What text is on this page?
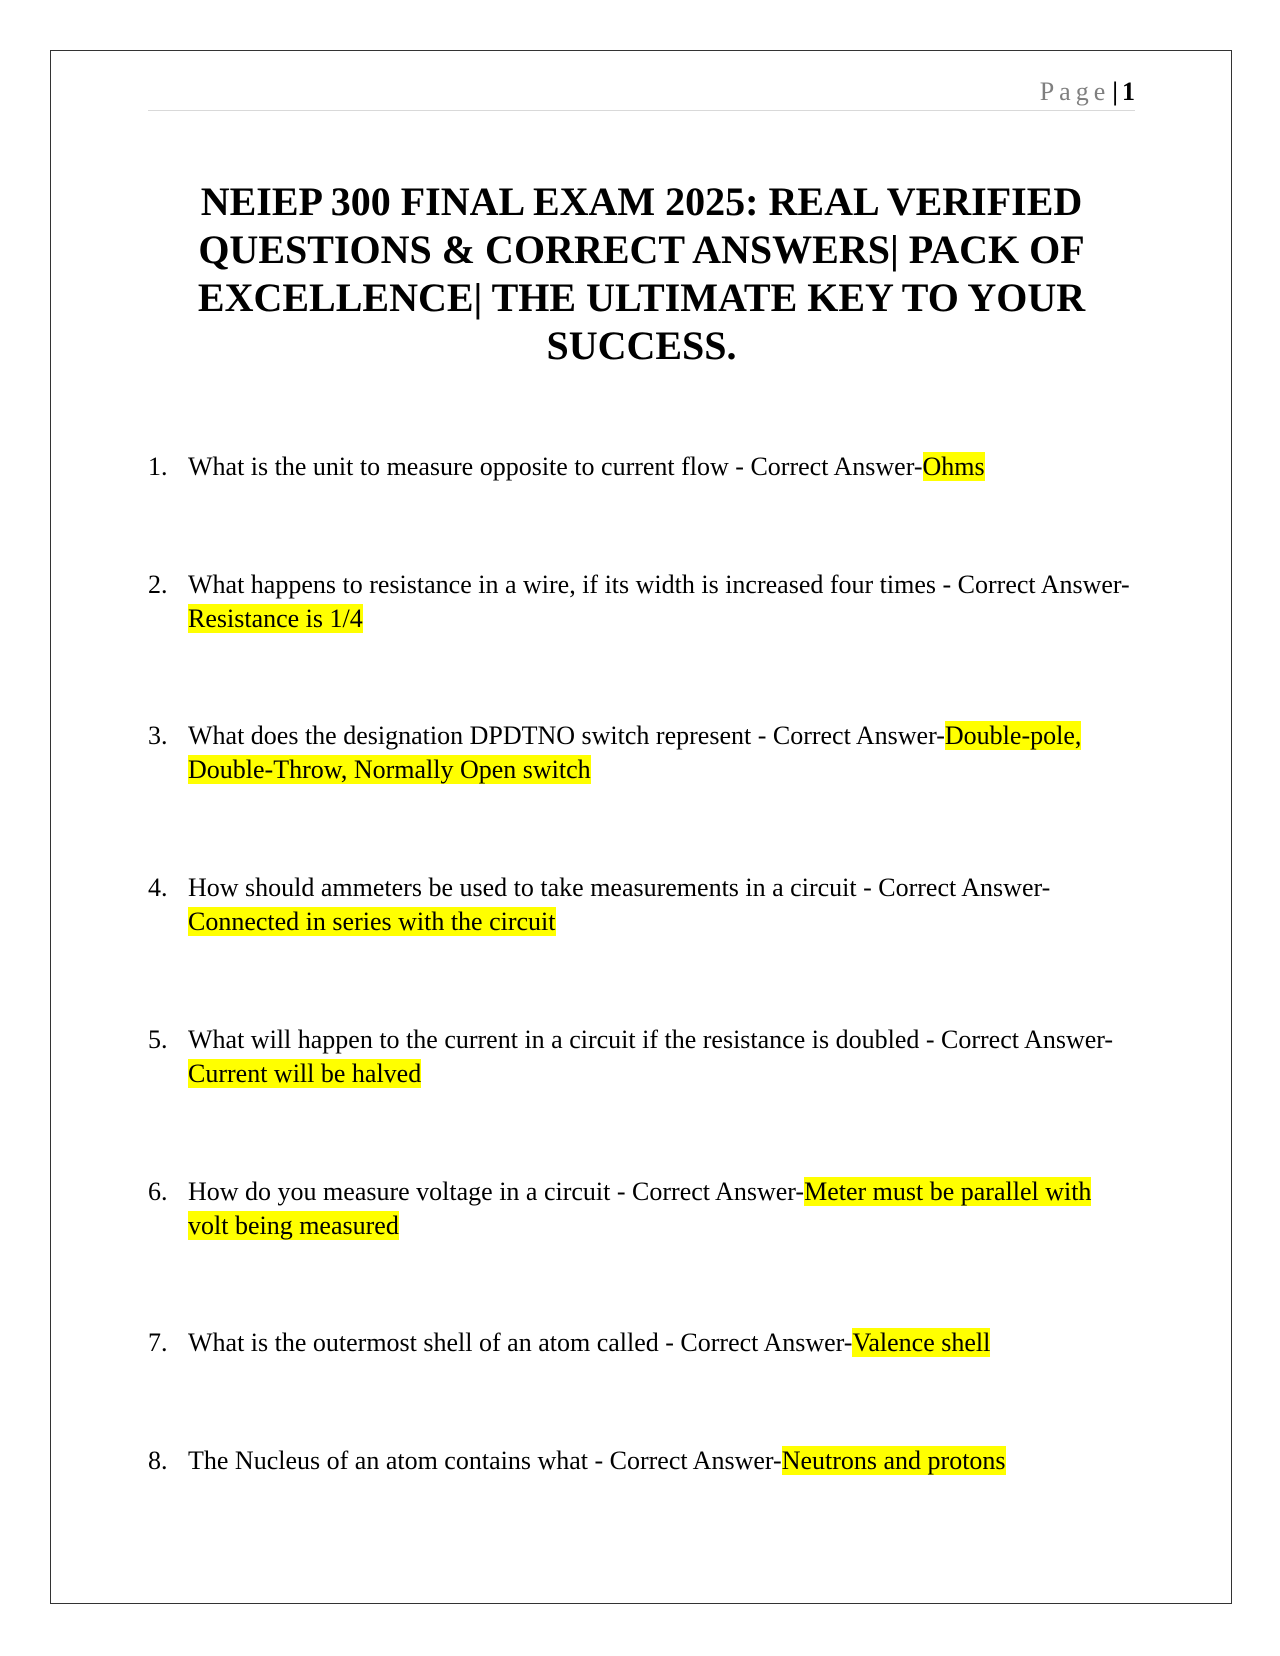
Page| 1
NEIEP 300 FINAL EXAM 2025: REAL VERIFIED QUESTIONS & CORRECT ANSWERS| PACK OF EXCELLENCE| THE ULTIMATE KEY TO YOUR SUCCESS.
1. What is the unit to measure opposite to current flow - Correct Answer-Ohms
2. What happens to resistance in a wire, if its width is increased four times - Correct Answer-Resistance is 1/4
3. What does the designation DPDTNO switch represent - Correct Answer-Double-pole, Double-Throw, Normally Open switch
4. How should ammeters be used to take measurements in a circuit - Correct Answer-Connected in series with the circuit
5. What will happen to the current in a circuit if the resistance is doubled - Correct Answer-Current will be halved
6. How do you measure voltage in a circuit - Correct Answer-Meter must be parallel with volt being measured
7. What is the outermost shell of an atom called - Correct Answer-Valence shell
8. The Nucleus of an atom contains what - Correct Answer-Neutrons and protons
